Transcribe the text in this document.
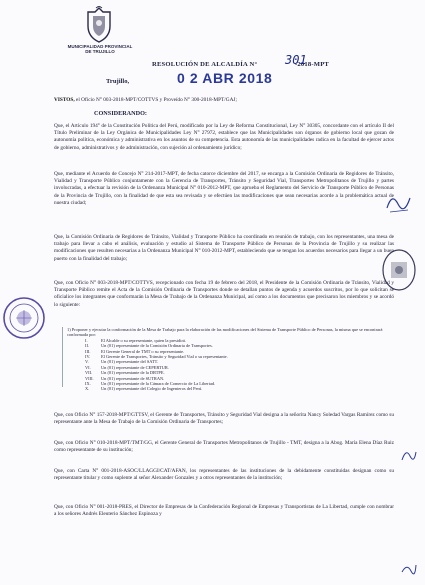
MUNICIPALIDAD PROVINCIAL
DE TRUJILLO
RESOLUCIÓN DE ALCALDÍA N°	-2018-MPT
301
Trujillo,	0 2 ABR 2018
VISTOS, el Oficio N° 003-2018-MPT/COTTVS y Proveído N° 300-2018-MPT/GAJ;
CONSIDERANDO:
Que, el Artículo 194° de la Constitución Política del Perú, modificado por la Ley de Reforma Constitucional, Ley N° 30305, concordante con el artículo II del Título Preliminar de la Ley Orgánica de Municipalidades Ley N° 27972, establece que las Municipalidades son órganos de gobierno local que gozan de autonomía política, económica y administrativa en los asuntos de su competencia. Esta autonomía de las municipalidades radica en la facultad de ejercer actos de gobierno, administrativos y de administración, con sujeción al ordenamiento jurídico;
Que, mediante el Acuerdo de Concejo N° 214-2017-MPT, de fecha catorce diciembre del 2017, se encarga a la Comisión Ordinaria de Regidores de Tránsito, Vialidad y Transporte Público conjuntamente con la Gerencia de Transportes, Tránsito y Seguridad Vial, Transportes Metropolitanos de Trujillo y partes involucradas, a efectuar la revisión de la Ordenanza Municipal N° 010-2012-MPT, que aprueba el Reglamento del Servicio de Transporte Público de Personas de la Provincia de Trujillo, con la finalidad de que esta sea revisada y se efectúen las modificaciones que sean necesarias acorde a la problemática actual de nuestra ciudad;
Que, la Comisión Ordinaria de Regidores de Tránsito, Vialidad y Transporte Público ha coordinado en reunión de trabajo, con los representantes, una mesa de trabajo para llevar a cabo el análisis, evaluación y estudio al Sistema de Transporte Público de Personas de la Provincia de Trujillo y su realizar las modificaciones que resulten necesarias a la Ordenanza Municipal N° 010-2012-MPT, estableciendo que se tengan los acuerdos necesarios para llegar a un buen puerto con la finalidad del trabajo;
Que, con Oficio N° 003-2018-MPT/COTTVS, recepcionado con fecha 19 de febrero del 2018, el Presidente de la Comisión Ordinaria de Tránsito, Vialidad y Transporte Público remite el Acta de la Comisión Ordinaria de Transportes donde se detallan puntos de agenda y acuerdos suscritos, por lo que solicitan se oficialice los integrantes que conformarán la Mesa de Trabajo de la Ordenanza Municipal, así como a los documentos que precisaron los miembros y se acordó lo siguiente:
1) Proponer y ejecutar la conformación de la Mesa de Trabajo para la elaboración de las modificaciones del Sistema de Transporte Público de Personas, la misma que se encontrará conformada por:
I.	El Alcalde o su representante, quien la presidirá.
II.	Un (01) representante de la Comisión Ordinaria de Transportes.
III.	El Gerente General de TMT o su representante.
IV.	El Gerente de Transportes, Tránsito y Seguridad Vial o su representante.
V.	Un (01) representante del SATT.
VI.	Un (01) representante de CEPERTUR.
VII. Un (01) representante de la DRTPE.
VIII. Un (01) representante de SUTRAN.
IX.	Un (01) representante de la Cámara de Comercio de La Libertad.
X.	Un (01) representante del Colegio de Ingenieros del Perú.
Que, con Oficio N° 157-2018-MPT/GTTSV, el Gerente de Transportes, Tránsito y Seguridad Vial designa a la señorita Nancy Soledad Vargas Ramírez como su representante ante la Mesa de Trabajo de la Comisión Ordinaria de Transportes;
Que, con Oficio N° 010-2018-MPT/TMT/GG, el Gerente General de Transportes Metropolitanos de Trujillo - TMT, designa a la Abog. María Elena Díaz Ruiz como representante de su institución;
Que, con Carta N° 001-2018-ASOC/LLAGGI/CAT/AFAN, los representantes de las instituciones de la debidamente constituidas designan como su representante titular y como suplente al señor Alexander Gonzales y a otros representantes de la institución;
Que, con Oficio N° 001-2018-PRES, el Director de Empresas de la Confederación Regional de Empresas y Transportistas de La Libertad, cumple con nombrar a los señores Andrés Eleuterio Sánchez Espinoza y
